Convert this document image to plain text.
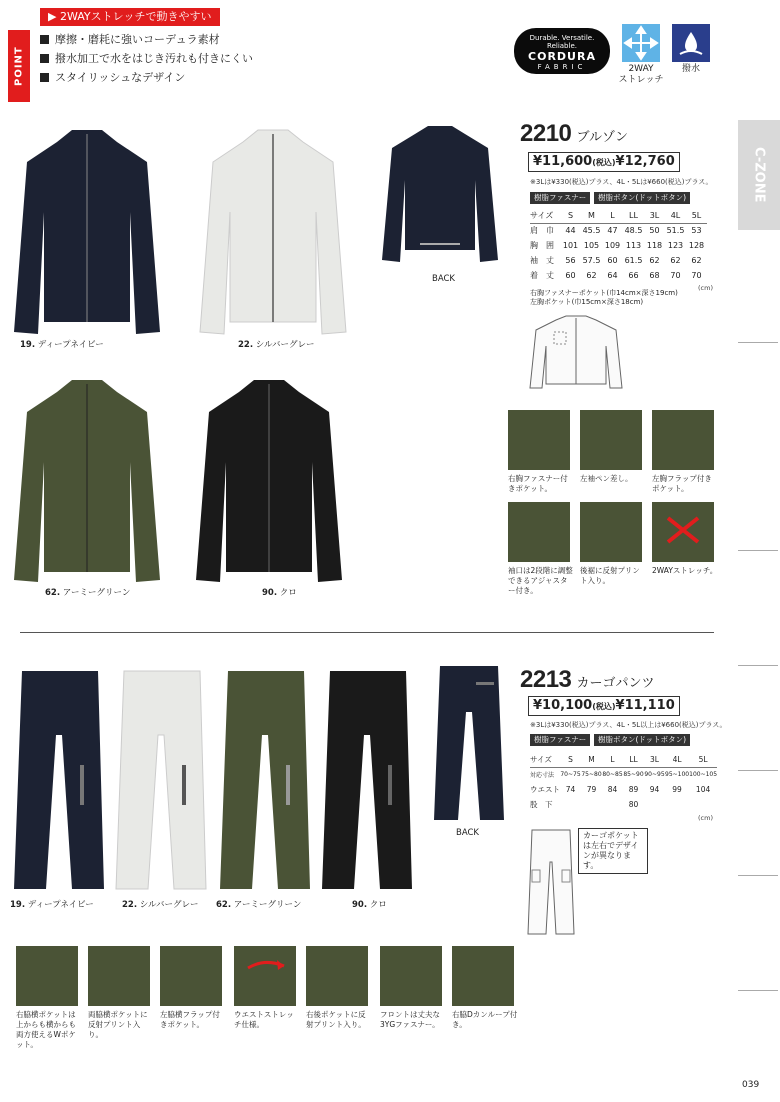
POINT
▶ 2WAYストレッチで動きやすい
摩擦・磨耗に強いコーデュラ素材
撥水加工で水をはじき汚れも付きにくい
スタイリッシュなデザイン
Durable. Versatile. Reliable.
CORDURA
FABRIC	2WAY
ストレッチ
撥水
C-ZONE
19. ディープネイビー	22. シルバーグレー
BACK
62. アーミーグリーン	90. クロ
2210 ブルゾン
¥11,600(税込)¥12,760
※3Lは¥330(税込)プラス、4L・5Lは¥660(税込)プラス。
樹脂ファスナー	樹脂ボタン(ドットボタン)
サイズ	S	M	L	LL	3L	4L	5L
肩　巾	44	45.5	47	48.5	50	51.5	53
胸　囲	101	105	109	113	118	123	128
袖　丈	56	57.5	60	61.5	62	62	62
着　丈	60	62	64	66	68	70	70
(cm)
右胸ファスナーポケット(巾14cm×深さ19cm)
左胸ポケット(巾15cm×深さ18cm)
右胸ファスナー付きポケット。
左袖ペン差し。	左胸フラップ付きポケット。
袖口は2段階に調整できるアジャスター付き。
後裾に反射プリント入り。
2WAYストレッチ。
19. ディープネイビー	22. シルバーグレー 62. アーミーグリーン	90. クロ
BACK
2213 カーゴパンツ
¥10,100(税込)¥11,110
※3Lは¥330(税込)プラス、4L・5L以上は¥660(税込)プラス。
樹脂ファスナー	樹脂ボタン(ドットボタン)
サイズ	S	M	L	LL	3L	4L	5L
対応寸法	70~75	75~80	80~85	85~90	90~95	95~100	100~105
ウエスト	74	79	84	89	94	99	104
股　下				80			
(cm)
カーゴポケットは左右でデザインが異なります。
右脇横ポケットは上からも横からも両方使えるWポケット。
両脇横ポケットに反射プリント入り。
左脇横フラップ付きポケット。
ウエストストレッチ仕様。
右後ポケットに反射プリント入り。
フロントは丈夫な3YGファスナー。
右脇Dカンループ付き。
039
